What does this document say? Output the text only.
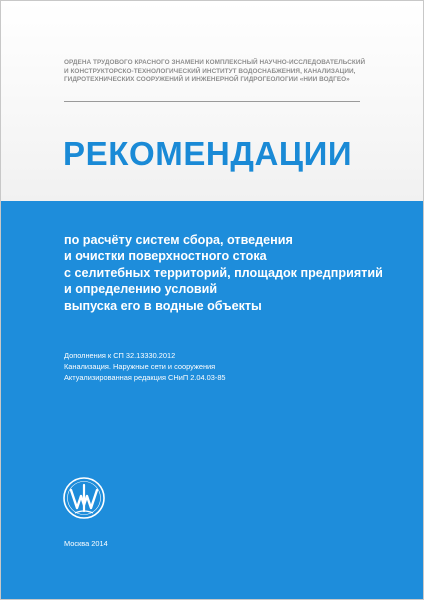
ОРДЕНА ТРУДОВОГО КРАСНОГО ЗНАМЕНИ КОМПЛЕКСНЫЙ НАУЧНО-ИССЛЕДОВАТЕЛЬСКИЙ
И КОНСТРУКТОРСКО-ТЕХНОЛОГИЧЕСКИЙ ИНСТИТУТ ВОДОСНАБЖЕНИЯ, КАНАЛИЗАЦИИ,
ГИДРОТЕХНИЧЕСКИХ СООРУЖЕНИЙ И ИНЖЕНЕРНОЙ ГИДРОГЕОЛОГИИ «НИИ ВОДГЕО»
РЕКОМЕНДАЦИИ
по расчёту систем сбора, отведения
и очистки поверхностного стока
с селитебных территорий, площадок предприятий
и определению условий
выпуска его в водные объекты
Дополнения к СП 32.13330.2012
Канализация. Наружные сети и сооружения
Актуализированная редакция СНиП 2.04.03-85
Москва 2014
